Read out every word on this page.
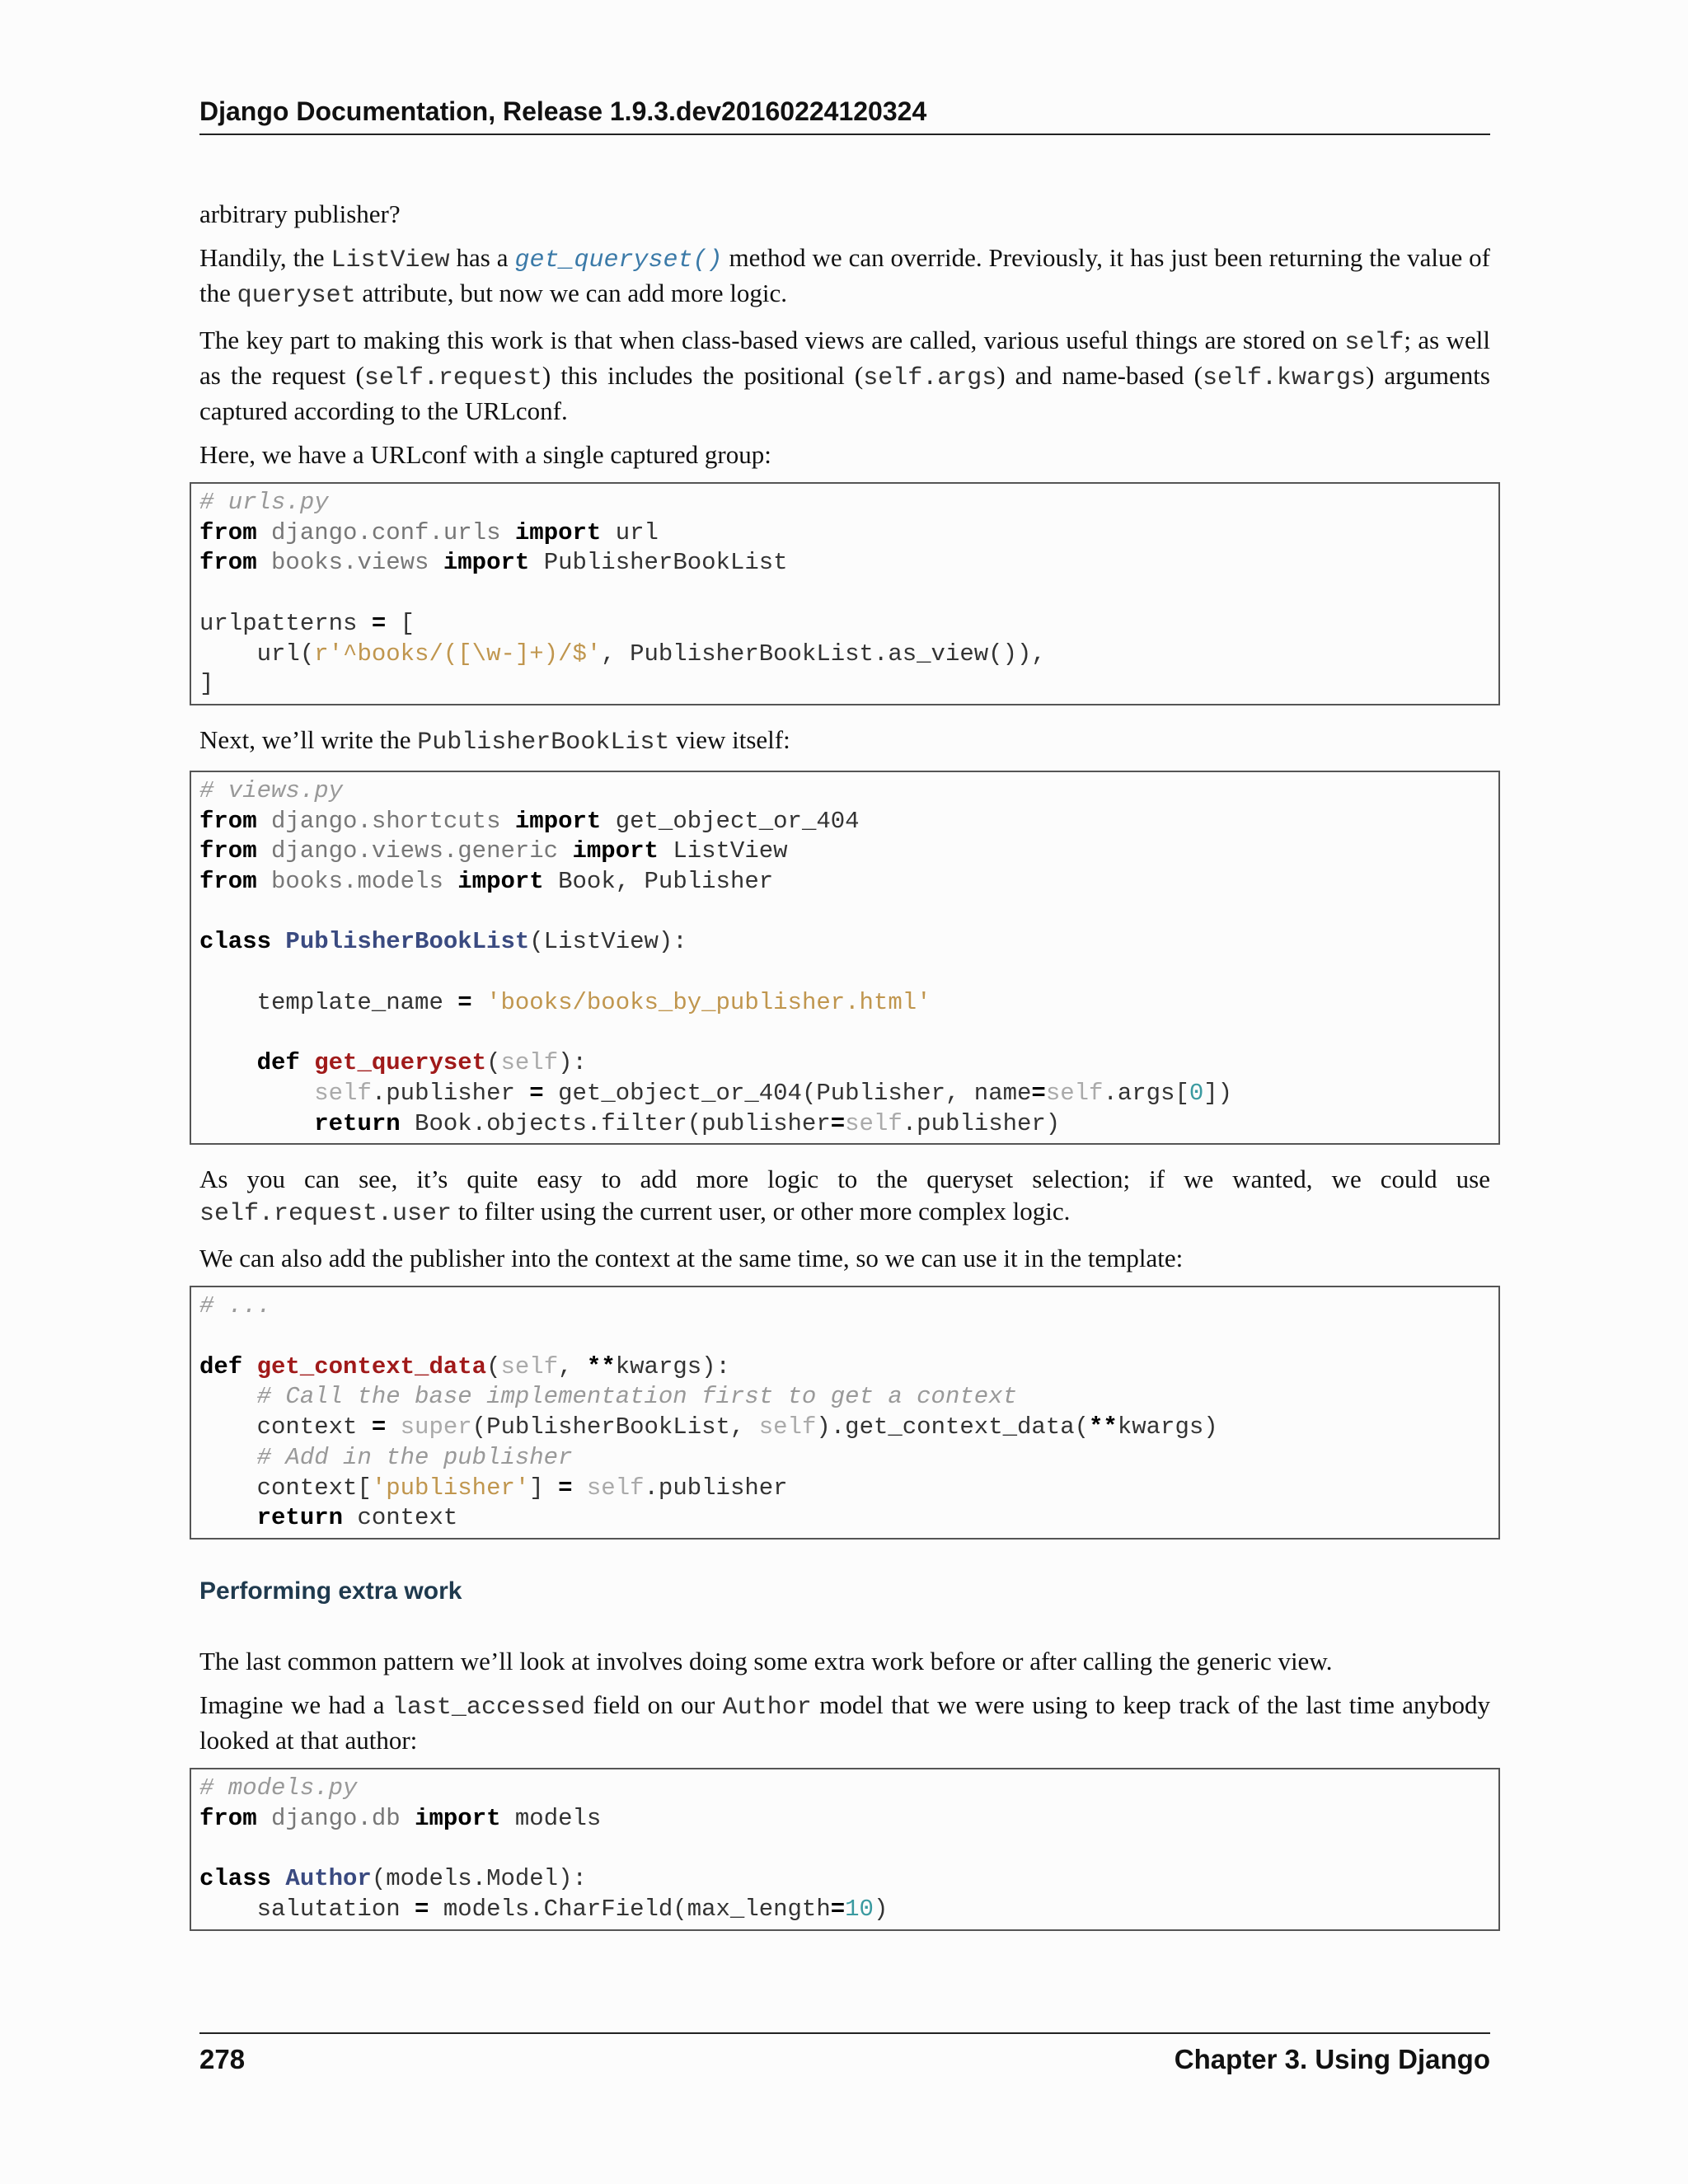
Django Documentation, Release 1.9.3.dev20160224120324

arbitrary publisher?

Handily, the ListView has a get_queryset() method we can override. Previously, it has just been returning the value of the queryset attribute, but now we can add more logic.

The key part to making this work is that when class-based views are called, various useful things are stored on self; as well as the request (self.request) this includes the positional (self.args) and name-based (self.kwargs) arguments captured according to the URLconf.

Here, we have a URLconf with a single captured group:

# urls.py
from django.conf.urls import url
from books.views import PublisherBookList

urlpatterns = [
url(r'^books/([\w-]+)/$', PublisherBookList.as_view()),
]

Next, we’ll write the PublisherBookList view itself:

# views.py
from django.shortcuts import get_object_or_404
from django.views.generic import ListView
from books.models import Book, Publisher

class PublisherBookList(ListView):

template_name = 'books/books_by_publisher.html'

def get_queryset(self):
self.publisher = get_object_or_404(Publisher, name=self.args[0])
return Book.objects.filter(publisher=self.publisher)

As you can see, it’s quite easy to add more logic to the queryset selection; if we wanted, we could use self.request.user to filter using the current user, or other more complex logic.

We can also add the publisher into the context at the same time, so we can use it in the template:

# ...

def get_context_data(self, **kwargs):
# Call the base implementation first to get a context
context = super(PublisherBookList, self).get_context_data(**kwargs)
# Add in the publisher
context['publisher'] = self.publisher
return context
Performing extra work

The last common pattern we’ll look at involves doing some extra work before or after calling the generic view.

Imagine we had a last_accessed field on our Author model that we were using to keep track of the last time anybody looked at that author:

# models.py
from django.db import models

class Author(models.Model):
salutation = models.CharField(max_length=10)
278	Chapter 3. Using Django
